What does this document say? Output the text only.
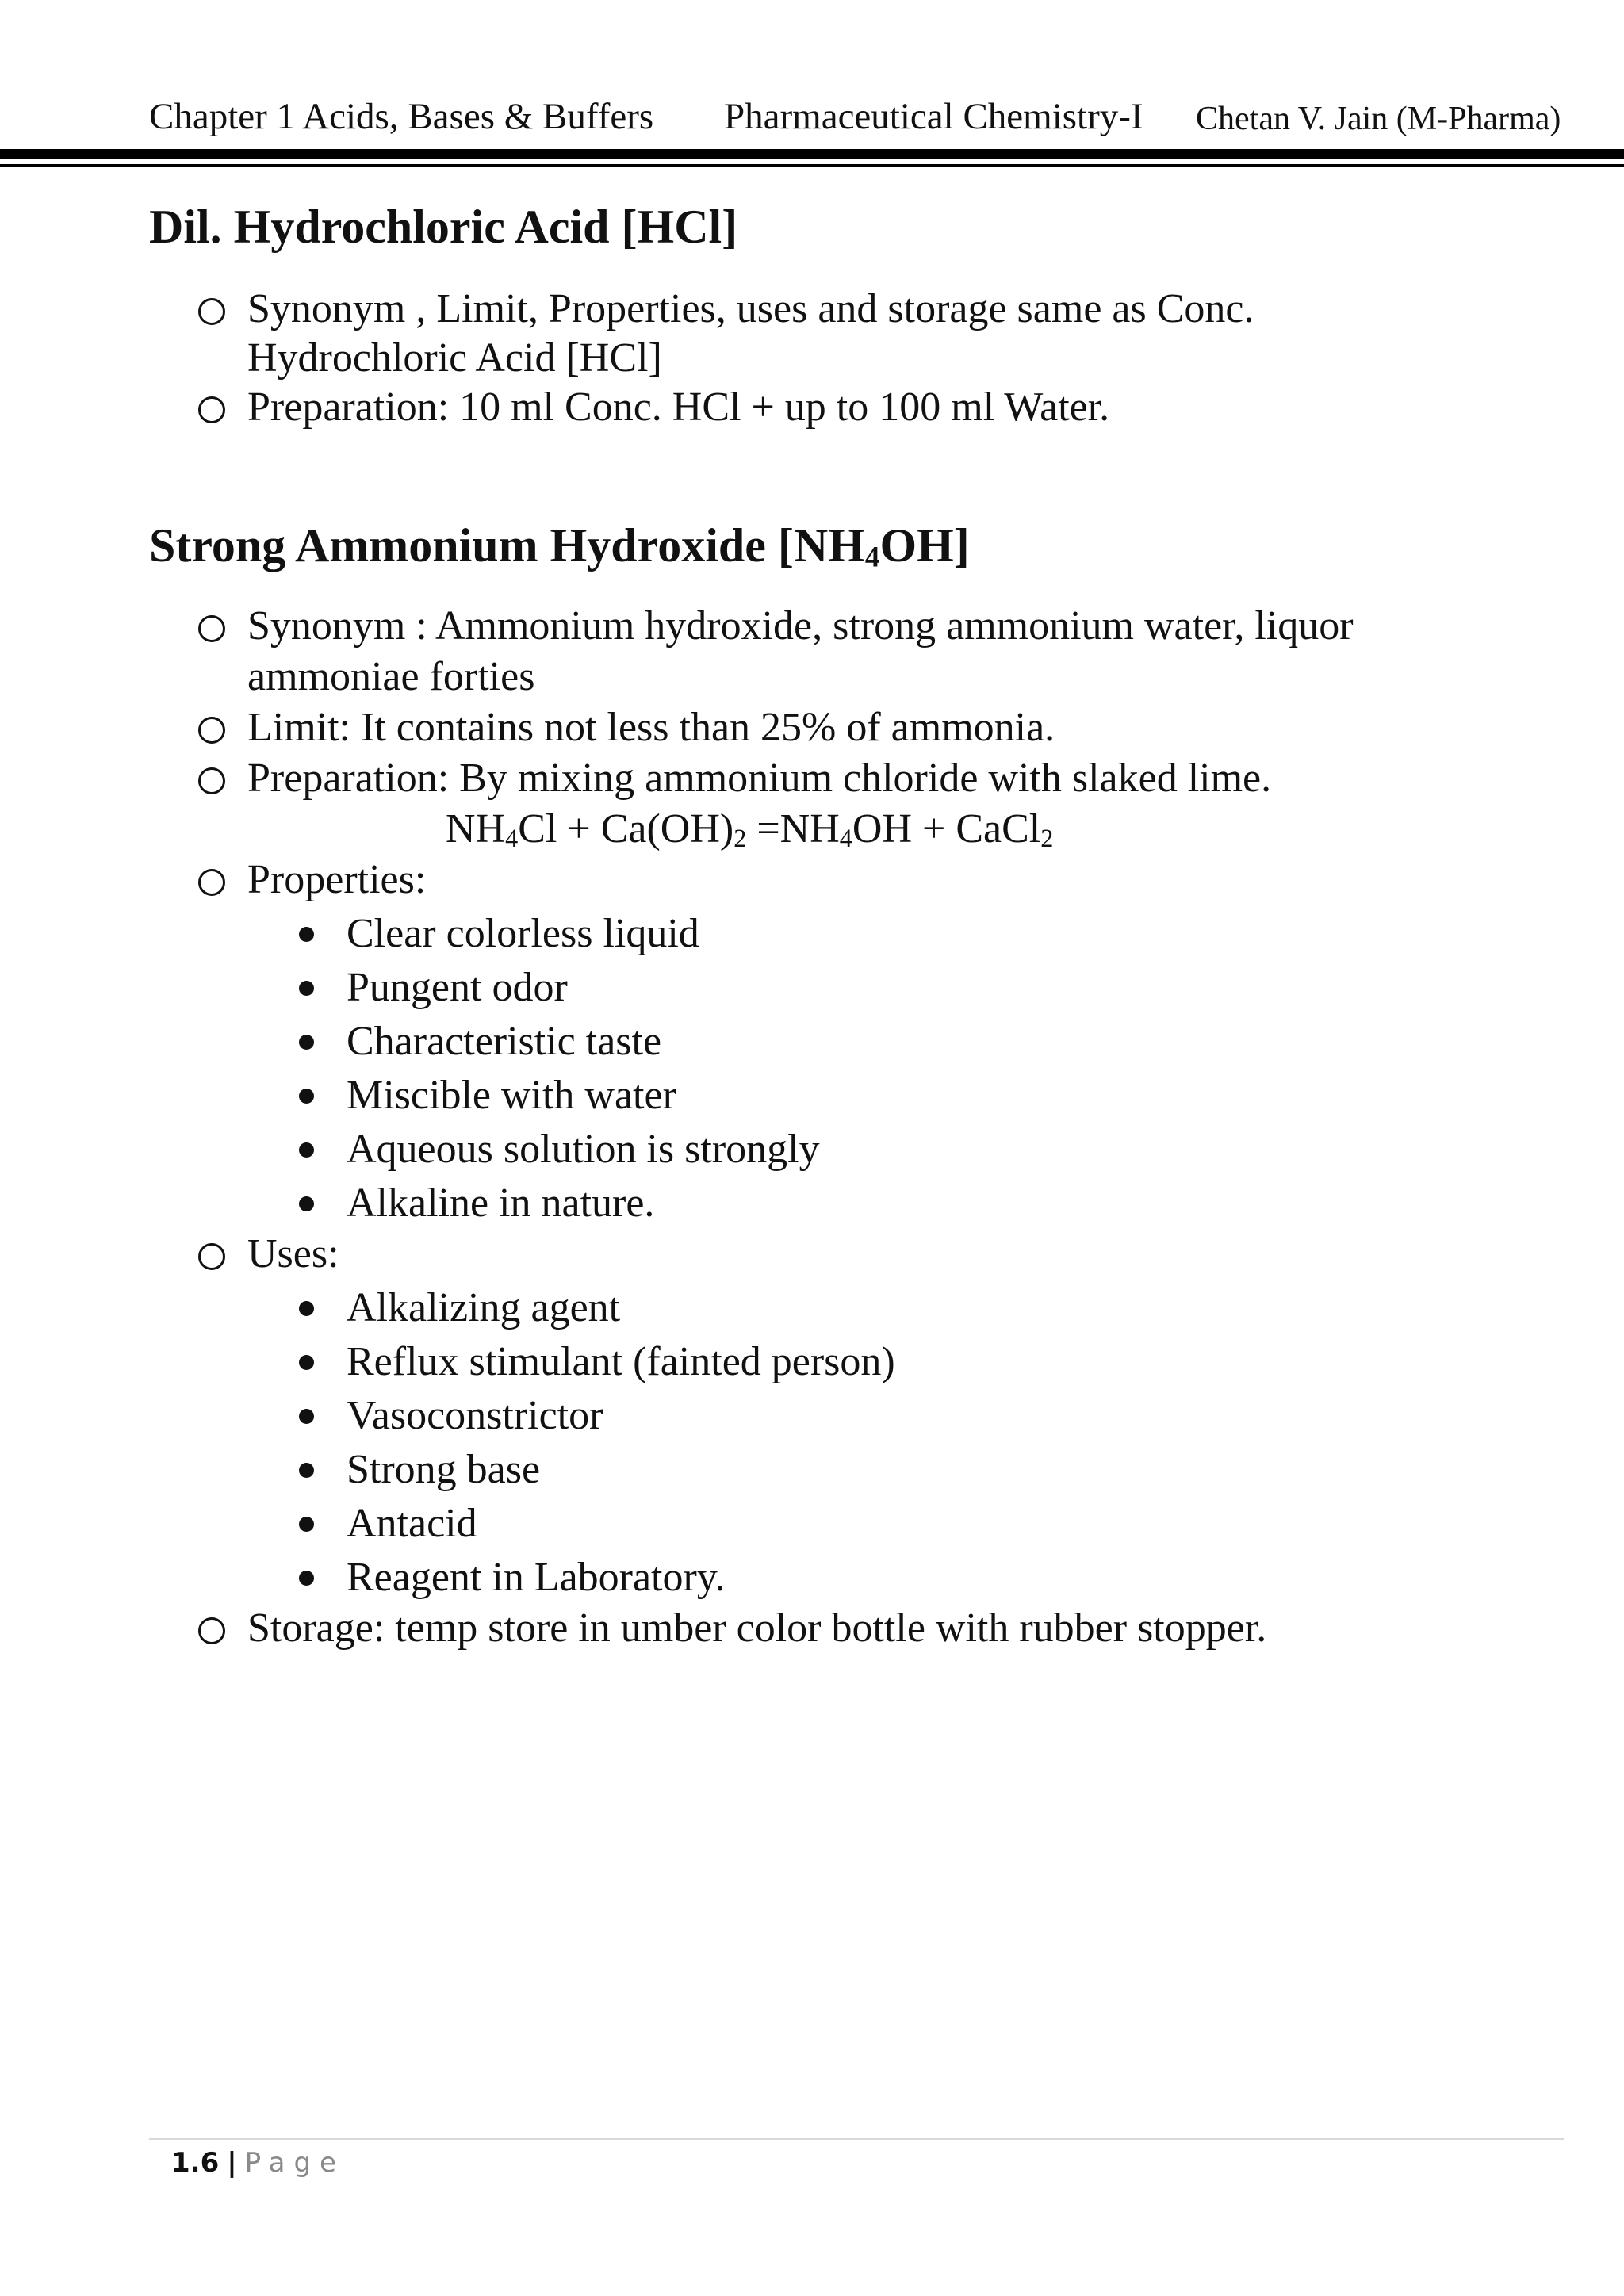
Chapter 1 Acids, Bases & Buffers Pharmaceutical Chemistry-I Chetan V. Jain (M-Pharma)
Dil. Hydrochloric Acid [HCl]
Synonym , Limit, Properties, uses and storage same as Conc.
Hydrochloric Acid [HCl]
Preparation: 10 ml Conc. HCl + up to 100 ml Water.
Strong Ammonium Hydroxide $[NH_4OH]$
Synonym : Ammonium hydroxide, strong ammonium water, liquor
ammoniae forties
Limit: It contains not less than 25% of ammonia.
Preparation: By mixing ammonium chloride with slaked lime.
$NH_4Cl + Ca(OH)_2 =NH_4OH$ + CaCl$_2$
Properties:
Clear colorless liquid
Pungent odor
Characteristic taste
Miscible with water
Aqueous solution is strongly
Alkaline in nature.
Uses:
Alkalizing agent
Reflux stimulant (fainted person)
Vasoconstrictor
Strong base
Antacid
Reagent in Laboratory.
Storage: temp store in umber color bottle with rubber stopper.
1.6 | Page
